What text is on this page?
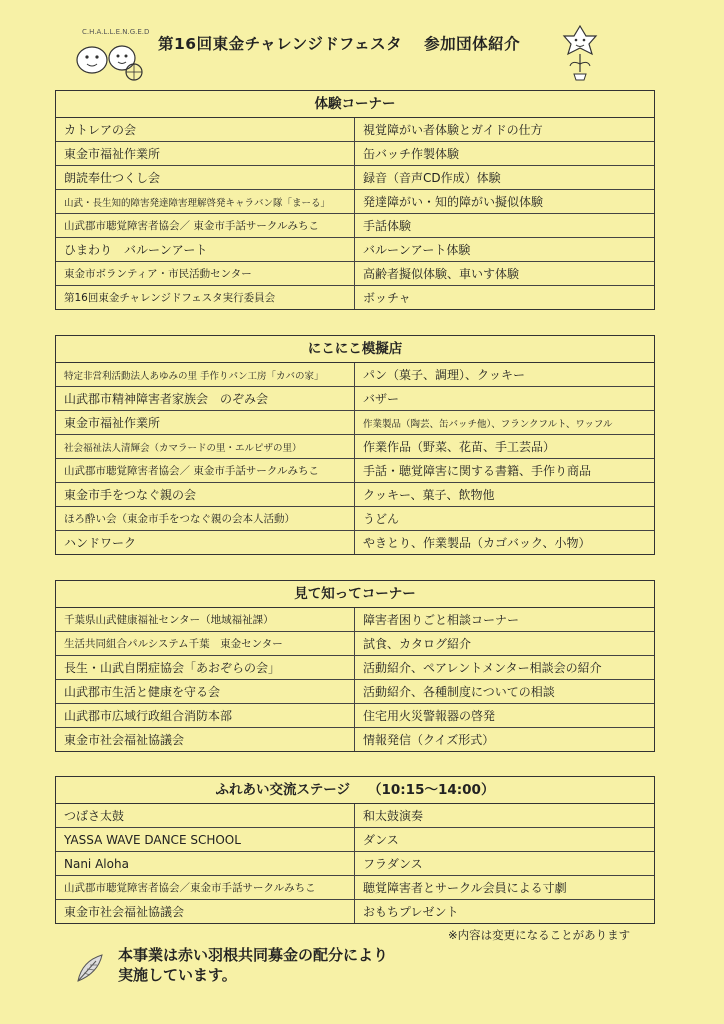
C.H.A.L.L.E.N.G.E.D
第16回東金チャレンジドフェスタ 参加団体紹介
体験コーナー
カトレアの会	視覚障がい者体験とガイドの仕方
東金市福祉作業所	缶バッチ作製体験
朗読奉仕つくし会	録音（音声CD作成）体験
山武・長生知的障害発達障害理解啓発キャラバン隊「まーる」	発達障がい・知的障がい擬似体験
山武郡市聴覚障害者協会／ 東金市手話サークルみちこ	手話体験
ひまわり　バルーンアート	バルーンアート体験
東金市ボランティア・市民活動センター	高齢者擬似体験、車いす体験
第16回東金チャレンジドフェスタ実行委員会	ボッチャ
にこにこ模擬店
特定非営利活動法人あゆみの里 手作りパン工房「カバの家」	パン（菓子、調理）、クッキー
山武郡市精神障害者家族会　のぞみ会	バザー
東金市福祉作業所	作業製品（陶芸、缶バッチ他）、フランクフルト、ワッフル
社会福祉法人清輝会（カマラードの里・エルピザの里）	作業作品（野菜、花苗、手工芸品）
山武郡市聴覚障害者協会／ 東金市手話サークルみちこ	手話・聴覚障害に関する書籍、手作り商品
東金市手をつなぐ親の会	クッキー、菓子、飲物他
ほろ酔い会（東金市手をつなぐ親の会本人活動）	うどん
ハンドワーク	やきとり、作業製品（カゴバック、小物）
見て知ってコーナー
千葉県山武健康福祉センター（地域福祉課）	障害者困りごと相談コーナー
生活共同組合パルシステム千葉　東金センター	試食、カタログ紹介
長生・山武自閉症協会「あおぞらの会」	活動紹介、ペアレントメンター相談会の紹介
山武郡市生活と健康を守る会	活動紹介、各種制度についての相談
山武郡市広域行政組合消防本部	住宅用火災警報器の啓発
東金市社会福祉協議会	情報発信（クイズ形式）
ふれあい交流ステージ （10:15〜14:00）
つばさ太鼓	和太鼓演奏
YASSA WAVE DANCE SCHOOL	ダンス
Nani Aloha	フラダンス
山武郡市聴覚障害者協会／東金市手話サークルみちこ	聴覚障害者とサークル会員による寸劇
東金市社会福祉協議会	おもちプレゼント
※内容は変更になることがあります
本事業は赤い羽根共同募金の配分により
実施しています。
